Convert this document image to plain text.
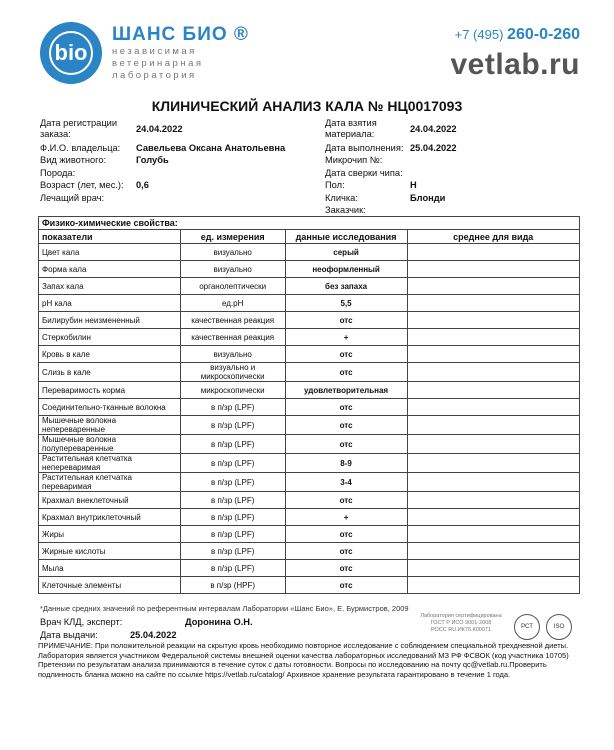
bio
ШАНС БИО ®
независимая
ветеринарная
лаборатория
+7 (495) 260-0-260
vetlab.ru
КЛИНИЧЕСКИЙ АНАЛИЗ КАЛА № НЦ0017093
Дата регистрации
заказа:	24.04.2022
Ф.И.О. владельца: Савельева Оксана Анатольевна
Вид животного:	Голубь
Порода:
Возраст (лет, мес.): 0,6
Лечащий врач:
Дата взятия
материала:	24.04.2022
Дата выполнения: 25.04.2022
Микрочип №:
Дата сверки чипа:
Пол:	Н
Кличка:	Блонди
Заказчик:
Физико-химические свойства:			
показатели	ед. измерения	данные исследования	среднее для вида
Цвет кала	визуально	серый	
Форма кала	визуально	неоформленный	
Запах кала	органолептически	без запаха	
pH кала	ед.pH	5,5	
Билирубин неизмененный	качественная реакция	отс	
Стеркобилин	качественная реакция	+	
Кровь в кале	визуально	отс	
Слизь в кале	визуально и микроскопически	отс	
Переваримость корма	микроскопически	удовлетворительная	
Соединительно-тканные волокна	в п/зр (LPF)	отс	
Мышечные волокна непереваренные	в п/зр (LPF)	отс	
Мышечные волокна полупереваренные	в п/зр (LPF)	отс	
Растительная клетчатка непереваримая	в п/зр (LPF)	8-9	
Растительная клетчатка переваримая	в п/зр (LPF)	3-4	
Крахмал внеклеточный	в п/зр (LPF)	отс	
Крахмал внутриклеточный	в п/зр (LPF)	+	
Жиры	в п/зр (LPF)	отс	
Жирные кислоты	в п/зр (LPF)	отс	
Мыла	в п/зр (LPF)	отс	
Клеточные элементы	в п/зр (HPF)	отс	
*Данные средних значений по референтным интервалам Лаборатории «Шанс Био», Е. Бурмистров, 2009
Врач КЛД, эксперт:	Доронина О.Н.
Дата выдачи:	25.04.2022
Лаборатория сертифицирована
ГОСТ Р ИСО 9001-2008
РОСС RU.ИК76.К00071	РСТ	ISO
ПРИМЕЧАНИЕ: При положительной реакции на скрытую кровь необходимо повторное исследование с соблюдением специальной трехдневной диеты. Лаборатория является участником Федеральной системы внешней оценки качества лабораторных исследований МЗ РФ ФСВОК (код участника 10705) Претензии по результатам анализа принимаются в течение суток с даты готовности. Вопросы по исследованию на почту qc@vetlab.ru.Проверить подлинность бланка можно на сайте по ссылке https://vetlab.ru/catalog/ Архивное хранение результата гарантировано в течение 1 года.
